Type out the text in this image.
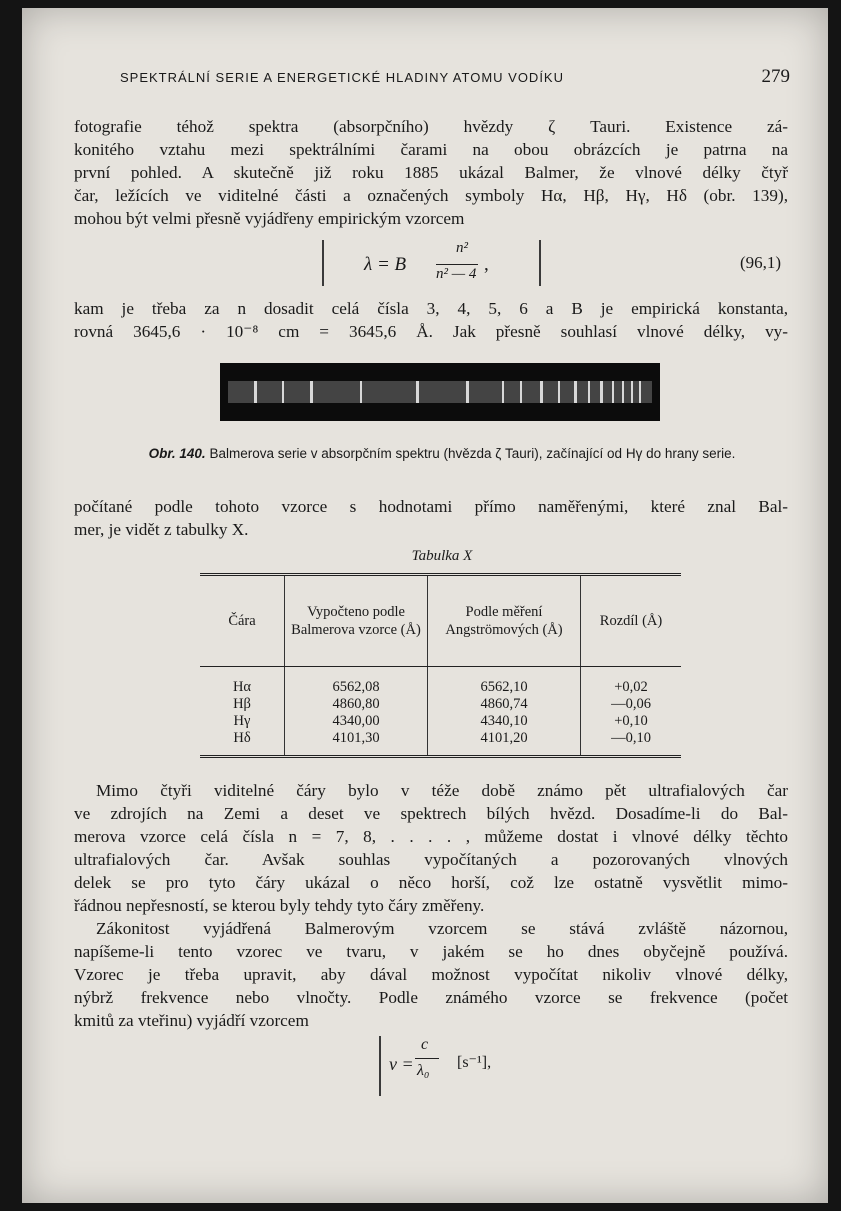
SPEKTRÁLNÍ SERIE A ENERGETICKÉ HLADINY ATOMU VODÍKU	279
fotografie téhož spektra (absorpčního) hvězdy ζ Tauri. Existence zá-
konitého vztahu mezi spektrálními čarami na obou obrázcích je patrna na
první pohled. A skutečně již roku 1885 ukázal Balmer, že vlnové délky čtyř
čar, ležících ve viditelné části a označených symboly Hα, Hβ, Hγ, Hδ (obr. 139),
mohou být velmi přesně vyjádřeny empirickým vzorcem
λ = B
n²
n² — 4 ,	(96,1)
kam je třeba za n dosadit celá čísla 3, 4, 5, 6 a B je empirická konstanta,
rovná 3645,6 · 10⁻⁸ cm = 3645,6 Å. Jak přesně souhlasí vlnové délky, vy-
Obr. 140. Balmerova serie v absorpčním spektru (hvězda ζ Tauri), začínající od Hγ do hrany serie.
počítané podle tohoto vzorce s hodnotami přímo naměřenými, které znal Bal-
mer, je vidět z tabulky X.
Tabulka X
Čára	Vypočteno podle Balmerova vzorce (Å)	Podle měření Angströmových (Å)	Rozdíl (Å)
Hα	6562,08	6562,10	+0,02
Hβ	4860,80	4860,74	—0,06
Hγ	4340,00	4340,10	+0,10
Hδ	4101,30	4101,20	—0,10
Mimo čtyři viditelné čáry bylo v téže době známo pět ultrafialových čar
ve zdrojích na Zemi a deset ve spektrech bílých hvězd. Dosadíme-li do Bal-
merova vzorce celá čísla n = 7, 8, . . . . , můžeme dostat i vlnové délky těchto
ultrafialových čar. Avšak souhlas vypočítaných a pozorovaných vlnových
delek se pro tyto čáry ukázal o něco horší, což lze ostatně vysvětlit mimo-
řádnou nepřesností, se kterou byly tehdy tyto čáry změřeny.
Zákonitost vyjádřená Balmerovým vzorcem se stává zvláště názornou,
napíšeme-li tento vzorec ve tvaru, v jakém se ho dnes obyčejně používá.
Vzorec je třeba upravit, aby dával možnost vypočítat nikoliv vlnové délky,
nýbrž frekvence nebo vlnočty. Podle známého vzorce se frekvence (počet
kmitů za vteřinu) vyjádří vzorcem
ν =
c
λ₀ [s⁻¹],
